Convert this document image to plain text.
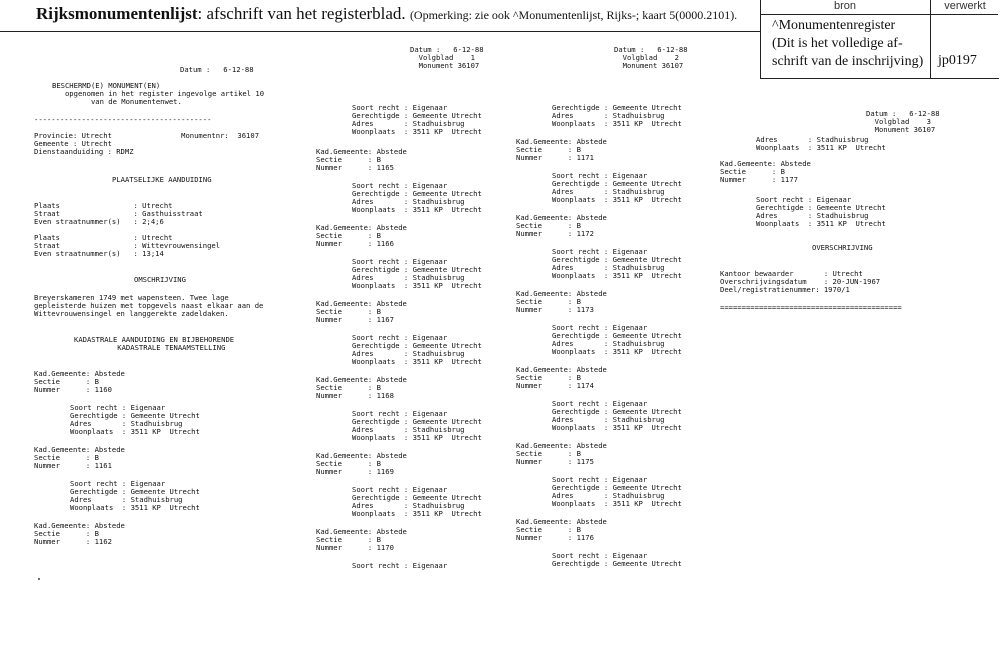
Rijksmonumentenlijst: afschrift van het registerblad. (Opmerking: zie ook ^Monumentenlijst, Rijks-; kaart 5(0000.2101).
bron	verwerkt
^Monumentenregister
(Dit is het volledige af-
schrift van de inschrijving)	jp0197
Datum :   6-12-88
BESCHERMD(E) MONUMENT(EN)
opgenomen in het register ingevolge artikel 10
van de Monumentenwet.
-----------------------------------------
Provincie: Utrecht                Monumentnr:  36107
Gemeente : Utrecht
Dienstaanduiding : RDMZ
PLAATSELIJKE AANDUIDING
Plaats                 : Utrecht
Straat                 : Gasthuisstraat
Even straatnummer(s)   : 2;4;6
Plaats                 : Utrecht
Straat                 : Wittevrouwensingel
Even straatnummer(s)   : 13;14
OMSCHRIJVING
Breyerskameren 1749 met wapensteen. Twee lage
gepleisterde huizen met topgevels naast elkaar aan de
Wittevrouwensingel en langgerekte zadeldaken.
KADASTRALE AANDUIDING EN BIJBEHORENDE
KADASTRALE TENAAMSTELLING
Kad.Gemeente: Abstede
Sectie      : B
Nummer      : 1160
Soort recht : Eigenaar
Gerechtigde : Gemeente Utrecht
Adres       : Stadhuisbrug
Woonplaats  : 3511 KP  Utrecht
Kad.Gemeente: Abstede
Sectie      : B
Nummer      : 1161
Soort recht : Eigenaar
Gerechtigde : Gemeente Utrecht
Adres       : Stadhuisbrug
Woonplaats  : 3511 KP  Utrecht
Kad.Gemeente: Abstede
Sectie      : B
Nummer      : 1162
Datum :   6-12-88
Volgblad    1
Monument 36107
Soort recht : Eigenaar
Gerechtigde : Gemeente Utrecht
Adres       : Stadhuisbrug
Woonplaats  : 3511 KP  Utrecht
Kad.Gemeente: Abstede
Sectie      : B
Nummer      : 1165
Soort recht : Eigenaar
Gerechtigde : Gemeente Utrecht
Adres       : Stadhuisbrug
Woonplaats  : 3511 KP  Utrecht
Kad.Gemeente: Abstede
Sectie      : B
Nummer      : 1166
Soort recht : Eigenaar
Gerechtigde : Gemeente Utrecht
Adres       : Stadhuisbrug
Woonplaats  : 3511 KP  Utrecht
Kad.Gemeente: Abstede
Sectie      : B
Nummer      : 1167
Soort recht : Eigenaar
Gerechtigde : Gemeente Utrecht
Adres       : Stadhuisbrug
Woonplaats  : 3511 KP  Utrecht
Kad.Gemeente: Abstede
Sectie      : B
Nummer      : 1168
Soort recht : Eigenaar
Gerechtigde : Gemeente Utrecht
Adres       : Stadhuisbrug
Woonplaats  : 3511 KP  Utrecht
Kad.Gemeente: Abstede
Sectie      : B
Nummer      : 1169
Soort recht : Eigenaar
Gerechtigde : Gemeente Utrecht
Adres       : Stadhuisbrug
Woonplaats  : 3511 KP  Utrecht
Kad.Gemeente: Abstede
Sectie      : B
Nummer      : 1170
Soort recht : Eigenaar
Datum :   6-12-88
Volgblad    2
Monument 36107
Gerechtigde : Gemeente Utrecht
Adres       : Stadhuisbrug
Woonplaats  : 3511 KP  Utrecht
Kad.Gemeente: Abstede
Sectie      : B
Nummer      : 1171
Soort recht : Eigenaar
Gerechtigde : Gemeente Utrecht
Adres       : Stadhuisbrug
Woonplaats  : 3511 KP  Utrecht
Kad.Gemeente: Abstede
Sectie      : B
Nummer      : 1172
Soort recht : Eigenaar
Gerechtigde : Gemeente Utrecht
Adres       : Stadhuisbrug
Woonplaats  : 3511 KP  Utrecht
Kad.Gemeente: Abstede
Sectie      : B
Nummer      : 1173
Soort recht : Eigenaar
Gerechtigde : Gemeente Utrecht
Adres       : Stadhuisbrug
Woonplaats  : 3511 KP  Utrecht
Kad.Gemeente: Abstede
Sectie      : B
Nummer      : 1174
Soort recht : Eigenaar
Gerechtigde : Gemeente Utrecht
Adres       : Stadhuisbrug
Woonplaats  : 3511 KP  Utrecht
Kad.Gemeente: Abstede
Sectie      : B
Nummer      : 1175
Soort recht : Eigenaar
Gerechtigde : Gemeente Utrecht
Adres       : Stadhuisbrug
Woonplaats  : 3511 KP  Utrecht
Kad.Gemeente: Abstede
Sectie      : B
Nummer      : 1176
Soort recht : Eigenaar
Gerechtigde : Gemeente Utrecht
Datum :   6-12-88
Volgblad    3
Monument 36107
Adres       : Stadhuisbrug
Woonplaats  : 3511 KP  Utrecht
Kad.Gemeente: Abstede
Sectie      : B
Nummer      : 1177
Soort recht : Eigenaar
Gerechtigde : Gemeente Utrecht
Adres       : Stadhuisbrug
Woonplaats  : 3511 KP  Utrecht
OVERSCHRIJVING
Kantoor bewaarder       : Utrecht
Overschrijvingsdatum    : 20-JUN-1967
Deel/registratienummer: 1970/1
==========================================
